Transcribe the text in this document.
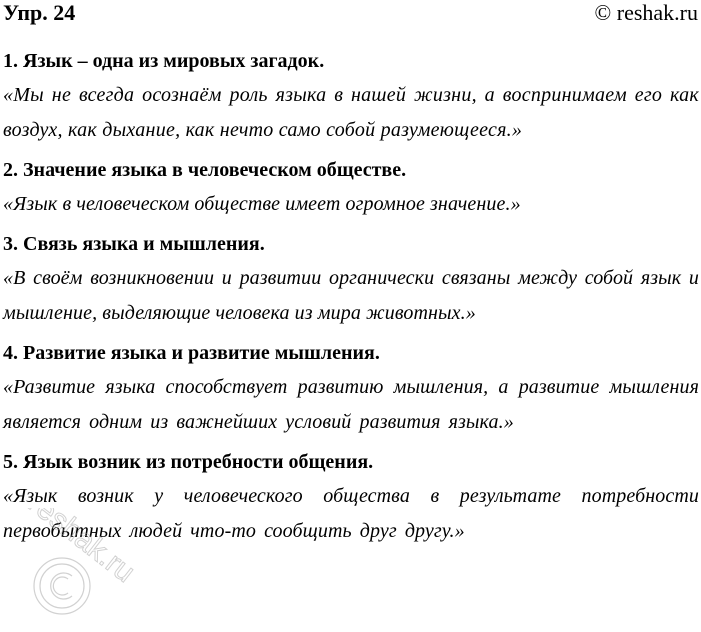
Упр. 24	© reshak.ru

1. Язык – одна из мировых загадок.

«Мы не всегда осознаём роль языка в нашей жизни, а воспринимаем его как воздух, как дыхание, как нечто само собой разумеющееся.»

2. Значение языка в человеческом обществе.

«Язык в человеческом обществе имеет огромное значение.»

3. Связь языка и мышления.

«В своём возникновении и развитии органически связаны между собой язык и мышление, выделяющие человека из мира животных.»

4. Развитие языка и развитие мышления.

«Развитие языка способствует развитию мышления, а развитие мышления является одним из важнейших условий развития языка.»

5. Язык возник из потребности общения.

«Язык возник у человеческого общества в результате потребности первобытных людей что-то сообщить друг другу.»

reshak.ru
